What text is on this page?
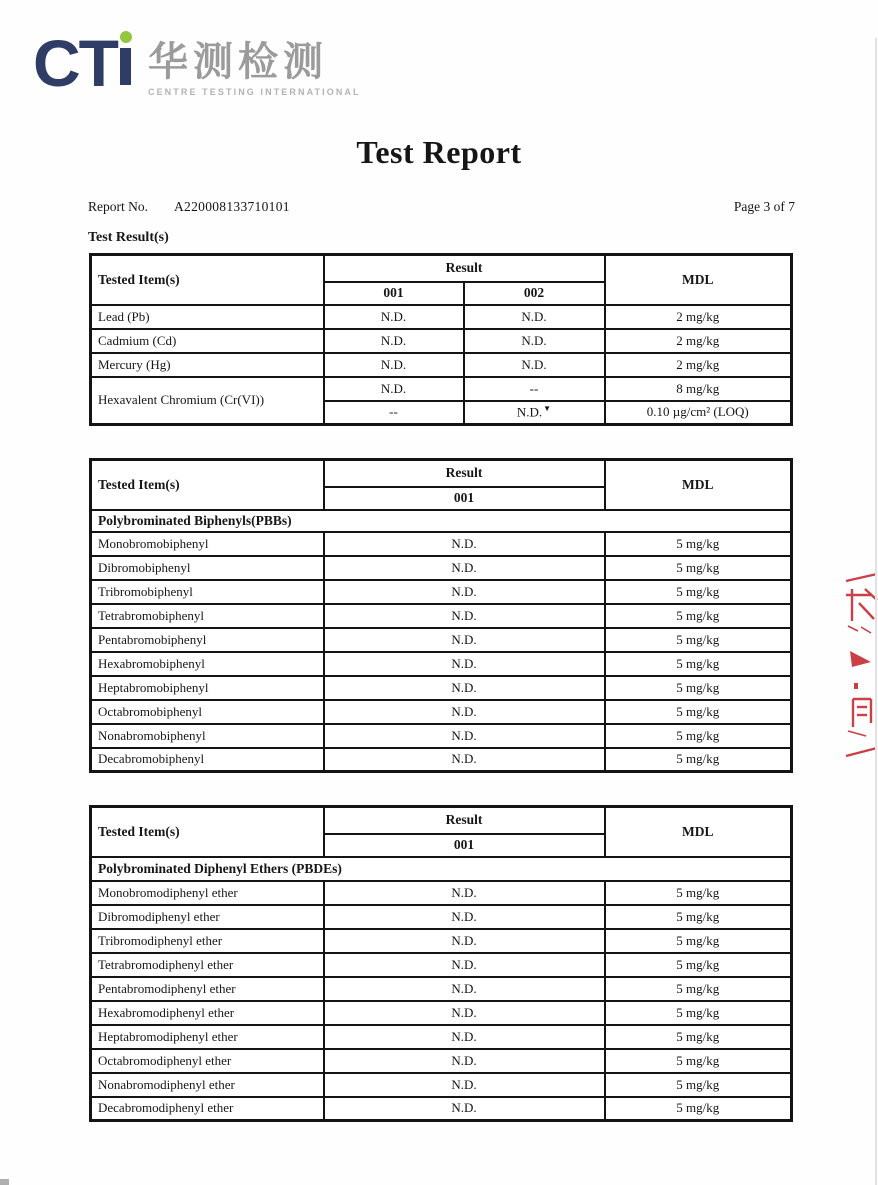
CT 华测检测
CENTRE TESTING INTERNATIONAL
Test Report
Report No. A220008133710101	Page 3 of 7
Test Result(s)
Tested Item(s)	Result		MDL
	001	002	
Lead (Pb)	N.D.	N.D.	2 mg/kg
Cadmium (Cd)	N.D.	N.D.	2 mg/kg
Mercury (Hg)	N.D.	N.D.	2 mg/kg
Hexavalent Chromium (Cr(VI))	N.D.	--	8 mg/kg
	--	N.D.▼	0.10 µg/cm² (LOQ)
Tested Item(s)	Result	MDL
	001	
Polybrominated Biphenyls(PBBs)		
Monobromobiphenyl	N.D.	5 mg/kg
Dibromobiphenyl	N.D.	5 mg/kg
Tribromobiphenyl	N.D.	5 mg/kg
Tetrabromobiphenyl	N.D.	5 mg/kg
Pentabromobiphenyl	N.D.	5 mg/kg
Hexabromobiphenyl	N.D.	5 mg/kg
Heptabromobiphenyl	N.D.	5 mg/kg
Octabromobiphenyl	N.D.	5 mg/kg
Nonabromobiphenyl	N.D.	5 mg/kg
Decabromobiphenyl	N.D.	5 mg/kg
Tested Item(s)	Result	MDL
	001	
Polybrominated Diphenyl Ethers (PBDEs)		
Monobromodiphenyl ether	N.D.	5 mg/kg
Dibromodiphenyl ether	N.D.	5 mg/kg
Tribromodiphenyl ether	N.D.	5 mg/kg
Tetrabromodiphenyl ether	N.D.	5 mg/kg
Pentabromodiphenyl ether	N.D.	5 mg/kg
Hexabromodiphenyl ether	N.D.	5 mg/kg
Heptabromodiphenyl ether	N.D.	5 mg/kg
Octabromodiphenyl ether	N.D.	5 mg/kg
Nonabromodiphenyl ether	N.D.	5 mg/kg
Decabromodiphenyl ether	N.D.	5 mg/kg
